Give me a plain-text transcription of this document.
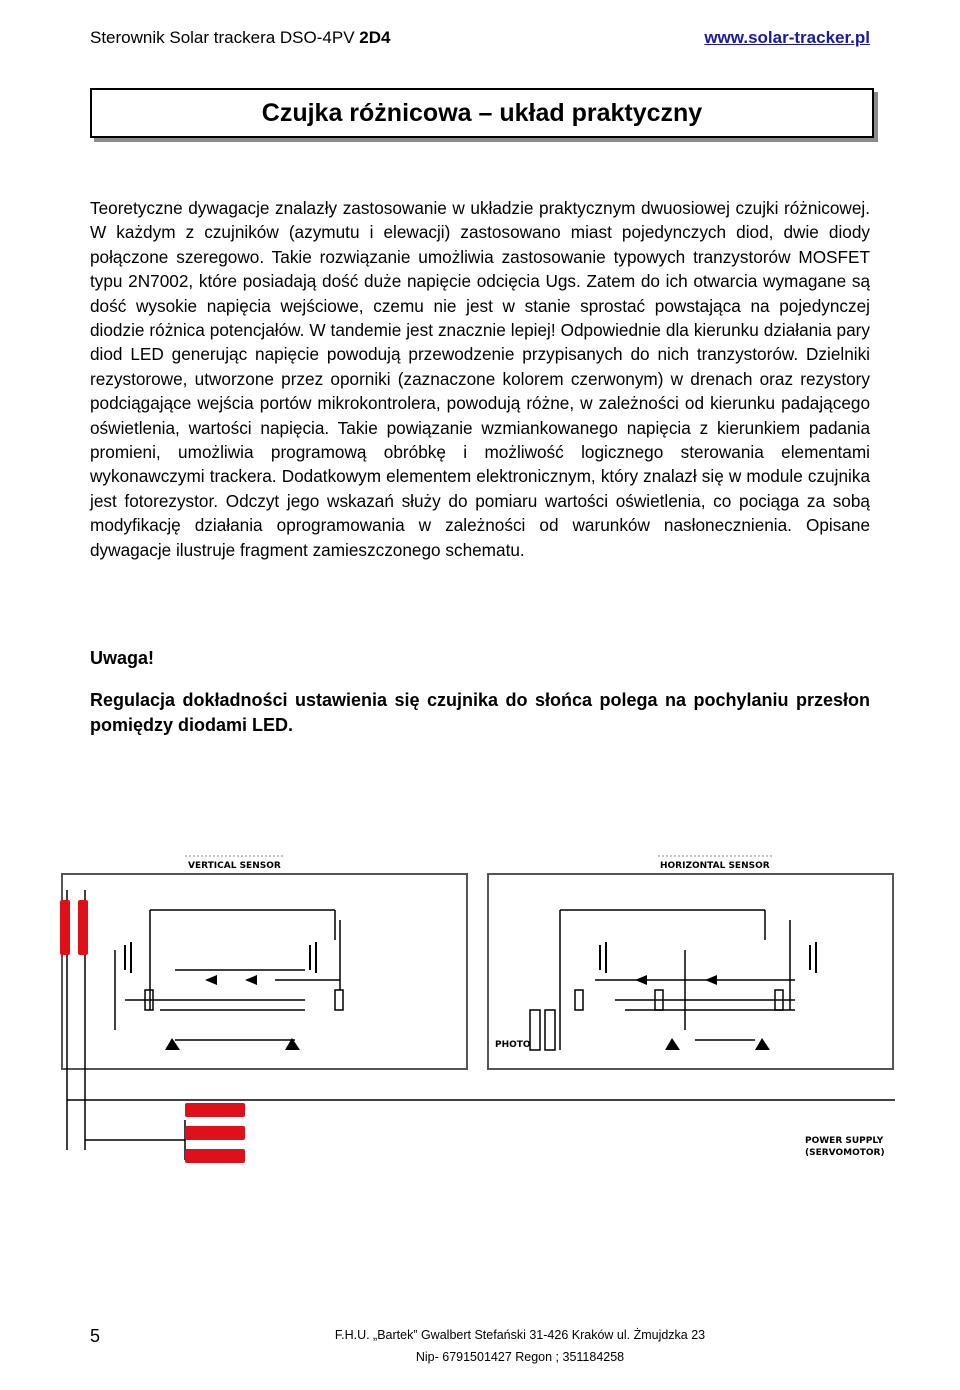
Sterownik Solar trackera DSO-4PV 2D4	www.solar-tracker.pl
Czujka różnicowa – układ praktyczny
Teoretyczne dywagacje znalazły zastosowanie w układzie praktycznym dwuosiowej czujki różnicowej. W każdym z czujników (azymutu i elewacji) zastosowano miast pojedynczych diod, dwie diody połączone szeregowo. Takie rozwiązanie umożliwia zastosowanie typowych tranzystorów MOSFET typu 2N7002, które posiadają dość duże napięcie odcięcia Ugs. Zatem do ich otwarcia wymagane są dość wysokie napięcia wejściowe, czemu nie jest w stanie sprostać powstająca na pojedynczej diodzie różnica potencjałów. W tandemie jest znacznie lepiej! Odpowiednie dla kierunku działania pary diod LED generując napięcie powodują przewodzenie przypisanych do nich tranzystorów. Dzielniki rezystorowe, utworzone przez oporniki (zaznaczone kolorem czerwonym) w drenach oraz rezystory podciągające wejścia portów mikrokontrolera, powodują różne, w zależności od kierunku padającego oświetlenia, wartości napięcia. Takie powiązanie wzmiankowanego napięcia z kierunkiem padania promieni, umożliwia programową obróbkę i możliwość logicznego sterowania elementami wykonawczymi trackera. Dodatkowym elementem elektronicznym, który znalazł się w module czujnika jest fotorezystor. Odczyt jego wskazań służy do pomiaru wartości oświetlenia, co pociąga za sobą modyfikację działania oprogramowania w zależności od warunków nasłonecznienia. Opisane dywagacje ilustruje fragment zamieszczonego schematu.
Uwaga!
Regulacja dokładności ustawienia się czujnika do słońca polega na pochylaniu przesłon pomiędzy diodami LED.
VERTICAL SENSOR	HORIZONTAL SENSOR
PHOTO
POWER SUPPLY
(SERVOMOTOR)
5	F.H.U. „Bartek” Gwalbert Stefański 31-426 Kraków ul. Żmujdzka 23
Nip- 6791501427 Regon ; 351184258
